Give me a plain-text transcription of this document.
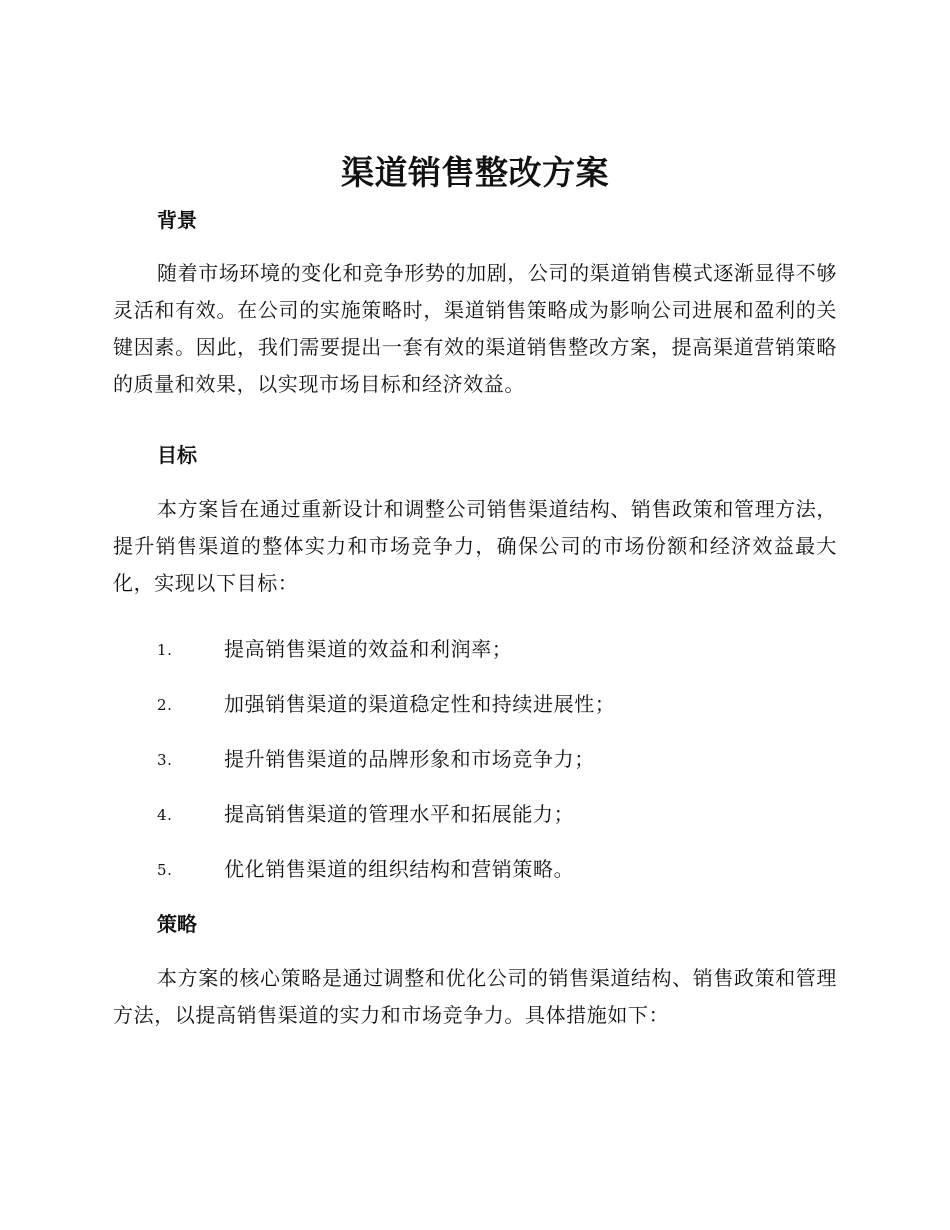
渠道销售整改方案
背景

随着市场环境的变化和竞争形势的加剧，公司的渠道销售模式逐渐显得不够灵活和有效。在公司的实施策略时，渠道销售策略成为影响公司进展和盈利的关键因素。因此，我们需要提出一套有效的渠道销售整改方案，提高渠道营销策略的质量和效果，以实现市场目标和经济效益。

目标

本方案旨在通过重新设计和调整公司销售渠道结构、销售政策和管理方法，提升销售渠道的整体实力和市场竞争力，确保公司的市场份额和经济效益最大化，实现以下目标：

1.	提高销售渠道的效益和利润率；
2.	加强销售渠道的渠道稳定性和持续进展性；
3.	提升销售渠道的品牌形象和市场竞争力；
4.	提高销售渠道的管理水平和拓展能力；
5.	优化销售渠道的组织结构和营销策略。
策略

本方案的核心策略是通过调整和优化公司的销售渠道结构、销售政策和管理方法，以提高销售渠道的实力和市场竞争力。具体措施如下：
